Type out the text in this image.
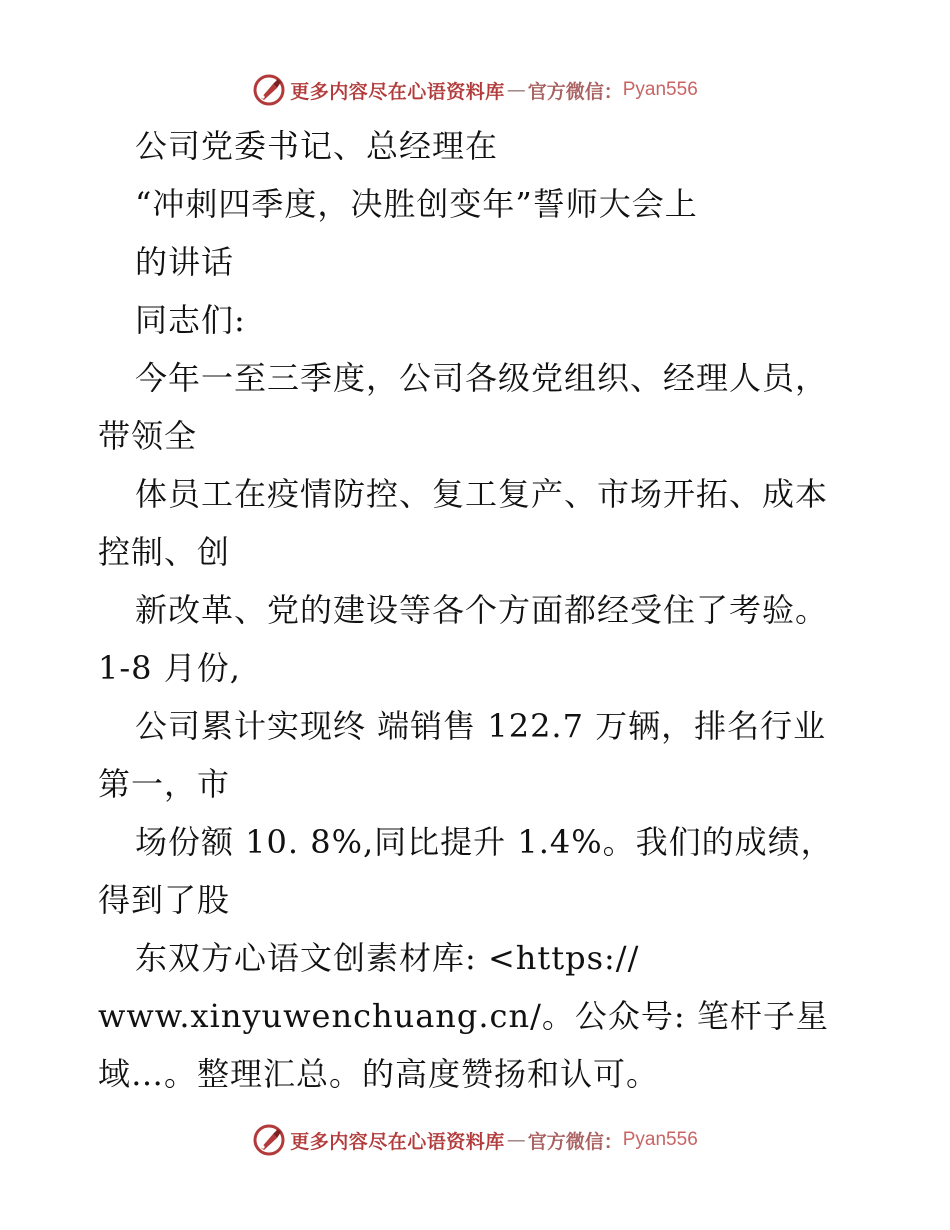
更多内容尽在心语资料库 — 官方微信： Pyan556
公司党委书记、总经理在
“冲刺四季度，决胜创变年”誓师大会上
的讲话
同志们:
今年一至三季度，公司各级党组织、经理人员，
带领全
体员工在疫情防控、复工复产、市场开拓、成本
控制、创
新改革、党的建设等各个方面都经受住了考验。
1-8 月份,
公司累计实现终 端销售 122.7 万辆，排名行业
第一，市
场份额 10. 8%,同比提升 1.4%。我们的成绩，
得到了股
东双方心语文创素材库: <https://
www.xinyuwenchuang.cn/。公众号: 笔杆子星
域…。整理汇总。的高度赞扬和认可。
更多内容尽在心语资料库 — 官方微信： Pyan556
